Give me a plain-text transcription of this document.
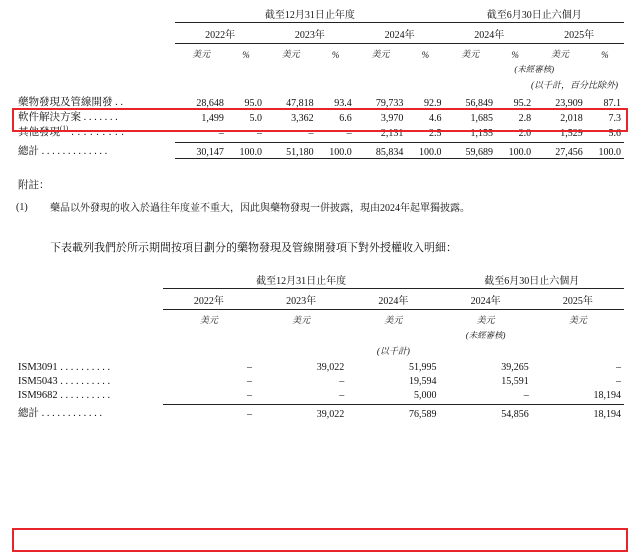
	截至12月31日止年度						截至6月30日止六個月			

	2022年		2023年		2024年		2024年		2025年	

	美元	%	美元	%	美元	%	美元	%	美元	%

							(未經審核)			

(以千計，百分比除外)										

藥物發現及管線開發 . .	28,648	95.0	47,818	93.4	79,733	92.9	56,849	95.2	23,909	87.1
軟件解決方案 . . . . . . .	1,499	5.0	3,362	6.6	3,970	4.6	1,685	2.8	2,018	7.3
其他發現$^{(1)}$ . . . . . . . . .	–	–	–	–	2,131	2.5	1,155	2.0	1,529	5.6

總計 . . . . . . . . . . . . .	30,147	100.0	51,180	100.0	85,834	100.0	59,689	100.0	27,456	100.0

附註：
(1)	藥品以外發現的收入於過往年度並不重大，因此與藥物發現一併披露，現由2024年起單獨披露。
下表載列我們於所示期間按項目劃分的藥物發現及管線開發項下對外授權收入明細：
	截至12月31日止年度			截至6月30日止六個月	

	2022年	2023年	2024年	2024年	2025年

	美元	美元	美元	美元	美元

				(未經審核)	

	(以千計)				

ISM3091 . . . . . . . . . .	–	39,022	51,995	39,265	–

ISM5043 . . . . . . . . . .	–	–	19,594	15,591	–

ISM9682 . . . . . . . . . .	–	–	5,000	–	18,194

總計 . . . . . . . . . . . .	–	39,022	76,589	54,856	18,194
